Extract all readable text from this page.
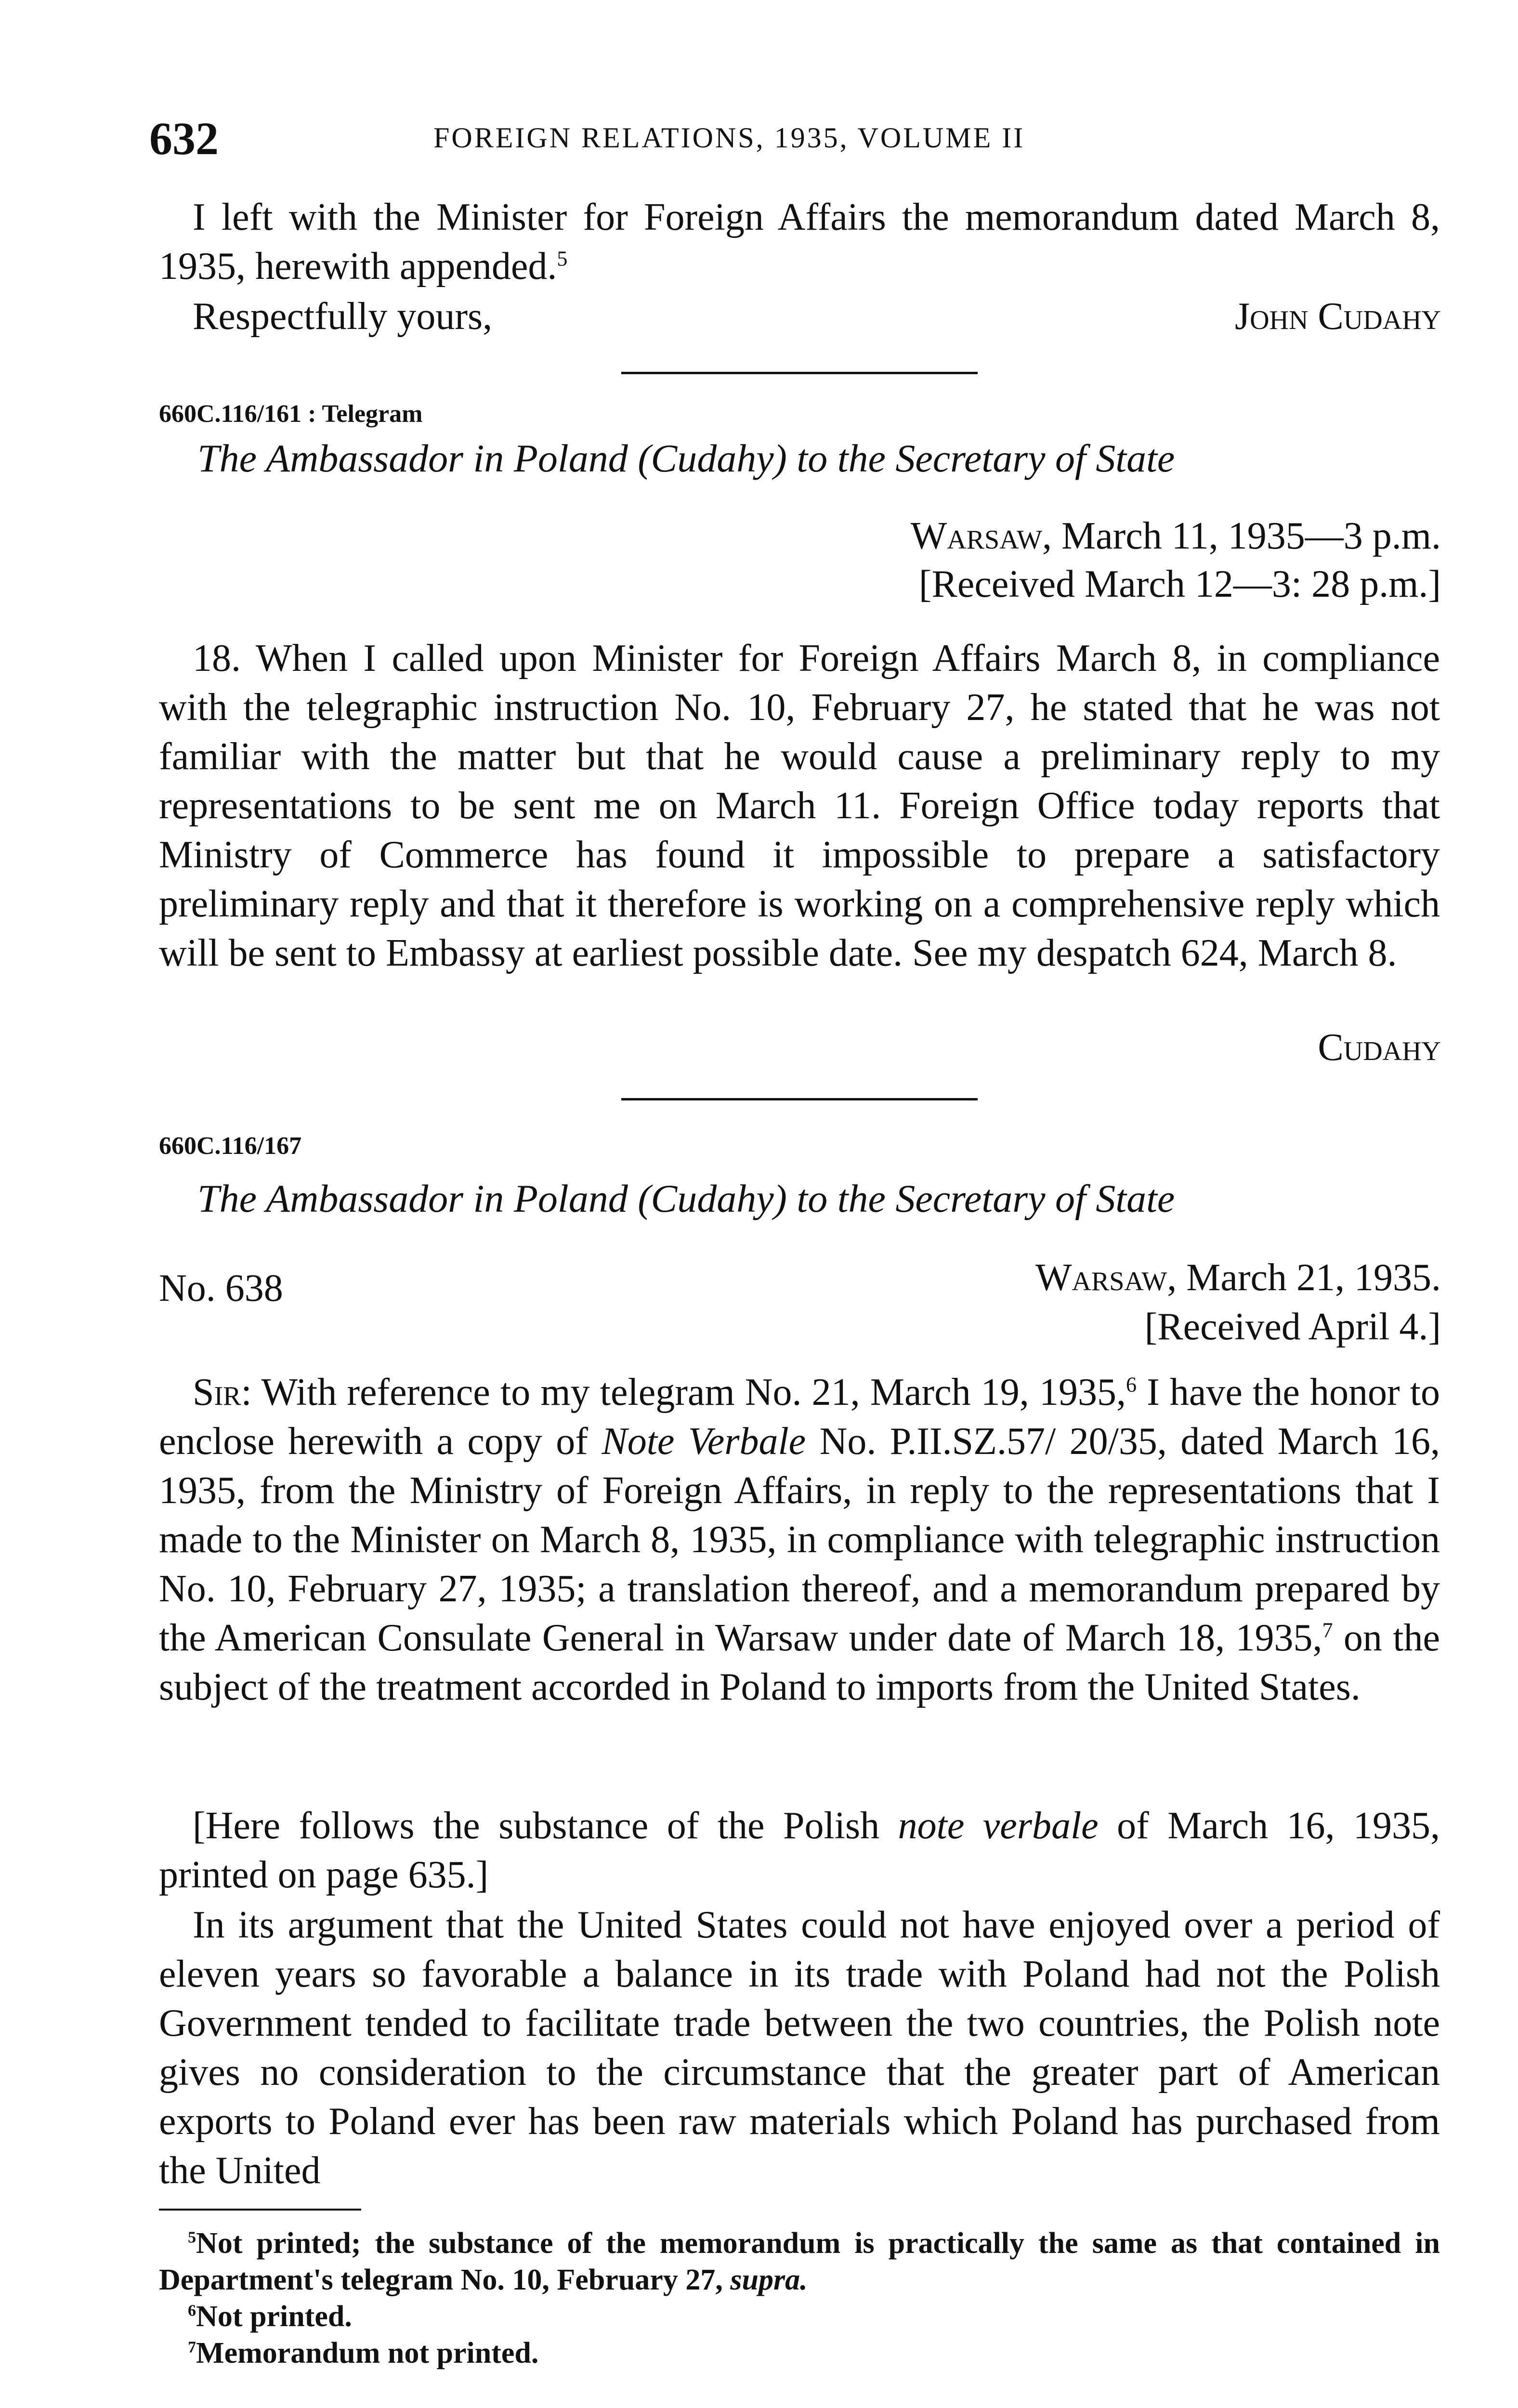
632	FOREIGN RELATIONS, 1935, VOLUME II
I left with the Minister for Foreign Affairs the memorandum dated March 8, 1935, herewith appended.$^5$
Respectfully yours,	John Cudahy
660C.116/161 : Telegram
The Ambassador in Poland (Cudahy) to the Secretary of State
Warsaw, March 11, 1935—3 p.m.
[Received March 12—3: 28 p.m.]
18. When I called upon Minister for Foreign Affairs March 8, in compliance with the telegraphic instruction No. 10, February 27, he stated that he was not familiar with the matter but that he would cause a preliminary reply to my representations to be sent me on March 11. Foreign Office today reports that Ministry of Commerce has found it impossible to prepare a satisfactory preliminary reply and that it therefore is working on a comprehensive reply which will be sent to Embassy at earliest possible date. See my despatch 624, March 8.
Cudahy
660C.116/167
The Ambassador in Poland (Cudahy) to the Secretary of State
No. 638	Warsaw, March 21, 1935.
[Received April 4.]
Sir: With reference to my telegram No. 21, March 19, 1935,$^6$ I have the honor to enclose herewith a copy of Note Verbale No. P.II.SZ.57/ 20/35, dated March 16, 1935, from the Ministry of Foreign Affairs, in reply to the representations that I made to the Minister on March 8, 1935, in compliance with telegraphic instruction No. 10, February 27, 1935; a translation thereof, and a memorandum prepared by the American Consulate General in Warsaw under date of March 18, 1935,$^7$ on the subject of the treatment accorded in Poland to imports from the United States.
[Here follows the substance of the Polish note verbale of March 16, 1935, printed on page 635.]
In its argument that the United States could not have enjoyed over a period of eleven years so favorable a balance in its trade with Poland had not the Polish Government tended to facilitate trade between the two countries, the Polish note gives no consideration to the circumstance that the greater part of American exports to Poland ever has been raw materials which Poland has purchased from the United
$^5$Not printed; the substance of the memorandum is practically the same as that contained in Department's telegram No. 10, February 27, supra.
$^6$Not printed.
$^7$Memorandum not printed.
